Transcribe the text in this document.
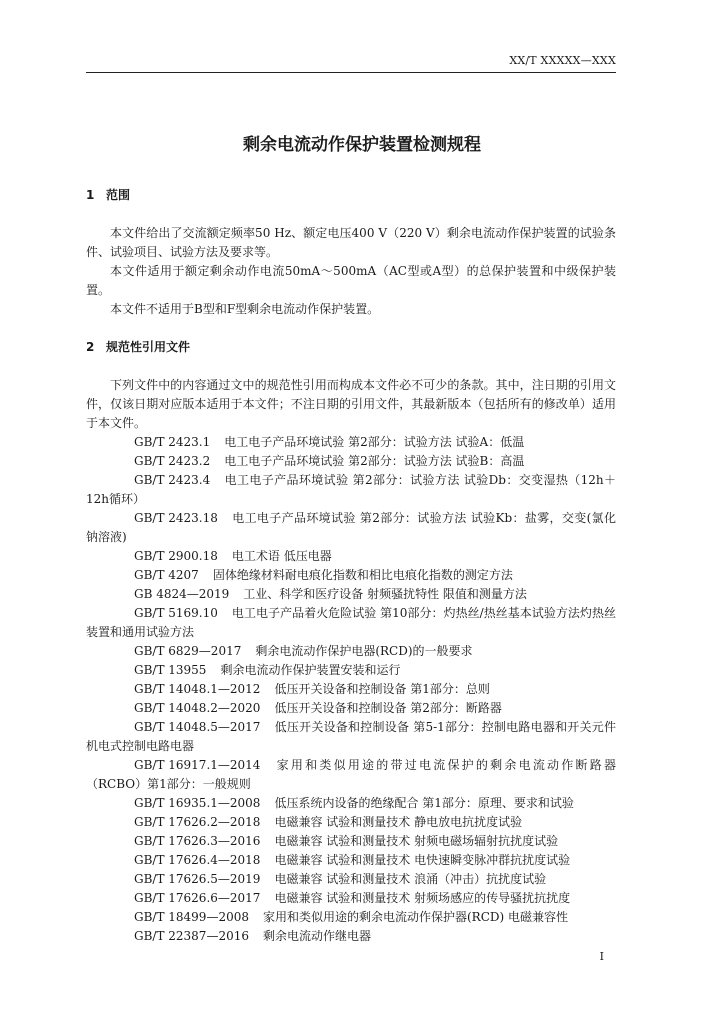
XX/T XXXXX—XXX
剩余电流动作保护装置检测规程
1 范围

本文件给出了交流额定频率50 Hz、额定电压400 V（220 V）剩余电流动作保护装置的试验条件、试验项目、试验方法及要求等。

本文件适用于额定剩余动作电流50mA～500mA（AC型或A型）的总保护装置和中级保护装置。

本文件不适用于B型和F型剩余电流动作保护装置。

2 规范性引用文件

下列文件中的内容通过文中的规范性引用而构成本文件必不可少的条款。其中，注日期的引用文件，仅该日期对应版本适用于本文件；不注日期的引用文件，其最新版本（包括所有的修改单）适用于本文件。

GB/T 2423.1 电工电子产品环境试验 第2部分：试验方法 试验A：低温

GB/T 2423.2 电工电子产品环境试验 第2部分：试验方法 试验B：高温

GB/T 2423.4 电工电子产品环境试验 第2部分：试验方法 试验Db：交变湿热（12h＋12h循环）

GB/T 2423.18 电工电子产品环境试验 第2部分：试验方法 试验Kb：盐雾，交变(氯化钠溶液)

GB/T 2900.18 电工术语 低压电器

GB/T 4207 固体绝缘材料耐电痕化指数和相比电痕化指数的测定方法

GB 4824—2019 工业、科学和医疗设备 射频骚扰特性 限值和测量方法

GB/T 5169.10 电工电子产品着火危险试验 第10部分：灼热丝/热丝基本试验方法灼热丝装置和通用试验方法

GB/T 6829—2017 剩余电流动作保护电器(RCD)的一般要求

GB/T 13955 剩余电流动作保护装置安装和运行

GB/T 14048.1—2012 低压开关设备和控制设备 第1部分：总则

GB/T 14048.2—2020 低压开关设备和控制设备 第2部分：断路器

GB/T 14048.5—2017 低压开关设备和控制设备 第5-1部分：控制电路电器和开关元件 机电式控制电路电器

GB/T 16917.1—2014 家用和类似用途的带过电流保护的剩余电流动作断路器（RCBO）第1部分：一般规则

GB/T 16935.1—2008 低压系统内设备的绝缘配合 第1部分：原理、要求和试验

GB/T 17626.2—2018 电磁兼容 试验和测量技术 静电放电抗扰度试验

GB/T 17626.3—2016 电磁兼容 试验和测量技术 射频电磁场辐射抗扰度试验

GB/T 17626.4—2018 电磁兼容 试验和测量技术 电快速瞬变脉冲群抗扰度试验

GB/T 17626.5—2019 电磁兼容 试验和测量技术 浪涌（冲击）抗扰度试验

GB/T 17626.6—2017 电磁兼容 试验和测量技术 射频场感应的传导骚扰抗扰度

GB/T 18499—2008 家用和类似用途的剩余电流动作保护器(RCD) 电磁兼容性

GB/T 22387—2016 剩余电流动作继电器

I
